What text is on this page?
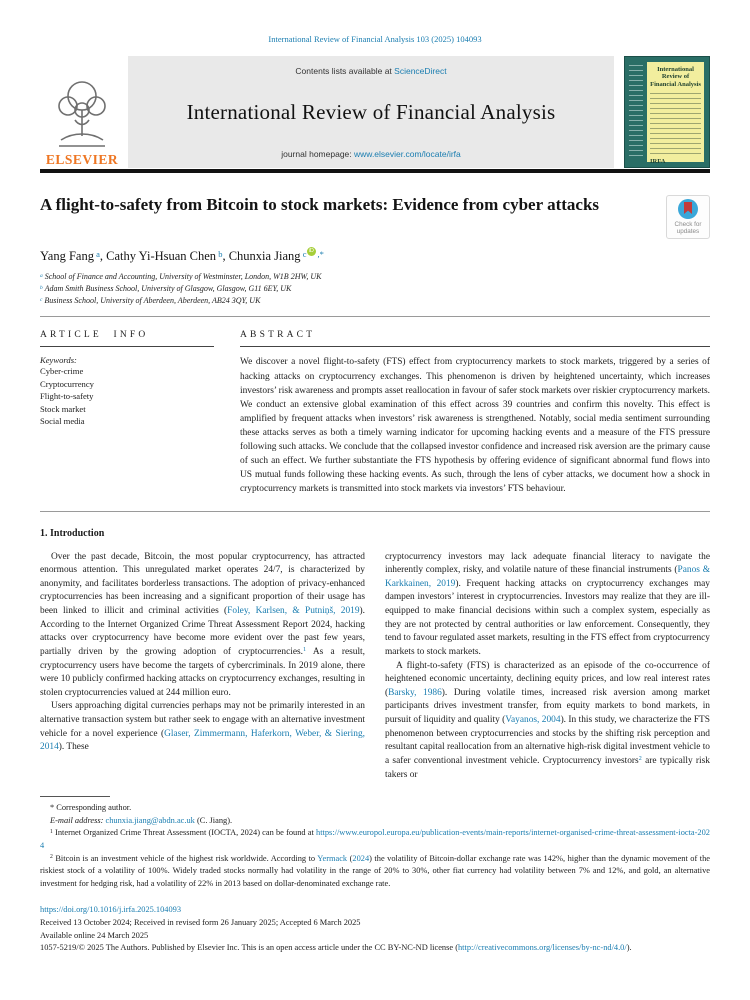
International Review of Financial Analysis 103 (2025) 104093
ELSEVIER
Contents lists available at ScienceDirect
International Review of Financial Analysis
journal homepage: www.elsevier.com/locate/irfa
International Review of Financial Analysis
IRFA
A flight-to-safety from Bitcoin to stock markets: Evidence from cyber attacks
Check for updates
Yang Fang $^a$, Cathy Yi-Hsuan Chen $^b$, Chunxia Jiang $^c$ iD ,*
$^a$ School of Finance and Accounting, University of Westminster, London, W1B 2HW, UK
$^b$ Adam Smith Business School, University of Glasgow, Glasgow, G11 6EY, UK
$^c$ Business School, University of Aberdeen, Aberdeen, AB24 3QY, UK
ARTICLE INFO
Keywords:
Cyber-crime
Cryptocurrency
Flight-to-safety
Stock market
Social media
ABSTRACT
We discover a novel flight-to-safety (FTS) effect from cryptocurrency markets to stock markets, triggered by a series of hacking attacks on cryptocurrency exchanges. This phenomenon is driven by heightened uncertainty, which increases investors’ risk awareness and prompts asset reallocation in favour of safer stock markets over riskier cryptocurrency markets. We conduct an extensive global examination of this effect across 39 countries and confirm this novelty. This effect is amplified by frequent attacks when investors’ risk awareness is strengthened. Notably, social media sentiment surrounding these attacks serves as both a timely warning indicator for upcoming hacking events and a measure of the FTS pressure following such attacks. We conclude that the collapsed investor confidence and increased risk aversion are the primary cause of such an effect. We further substantiate the FTS hypothesis by offering evidence of significant abnormal fund flows into US mutual funds following these hacking events. As such, through the lens of cyber attacks, we document how a shock in cryptocurrency markets is transmitted into stock markets via investors’ FTS behaviour.
1. Introduction

Over the past decade, Bitcoin, the most popular cryptocurrency, has attracted enormous attention. This unregulated market operates 24/7, is characterized by anonymity, and facilitates borderless transactions. The adoption of privacy-enhanced cryptocurrencies has been increasing and a significant proportion of their usage has been linked to illicit and criminal activities (Foley, Karlsen, & Putniņš, 2019). According to the Internet Organized Crime Threat Assessment Report 2024, hacking attacks over cryptocurrency have become more evident over the past few years, partially driven by the growing adoption of cryptocurrencies.$^1$ As a result, cryptocurrency users have become the targets of cybercriminals. In 2019 alone, there were 10 publicly confirmed hacking attacks on cryptocurrency exchanges, resulting in stolen cryptocurrencies valued at 244 million euro.

Users approaching digital currencies perhaps may not be primarily interested in an alternative transaction system but rather seek to engage with an alternative investment vehicle for a novel experience (Glaser, Zimmermann, Haferkorn, Weber, & Siering, 2014). These

cryptocurrency investors may lack adequate financial literacy to navigate the inherently complex, risky, and volatile nature of these financial instruments (Panos & Karkkainen, 2019). Frequent hacking attacks on cryptocurrency exchanges may dampen investors’ interest in cryptocurrencies. Investors may realize that they are ill-equipped to make financial decisions within such a complex system, especially as they are not protected by central authorities or law enforcement. Consequently, they tend to favour regulated asset markets, resulting in the FTS effect from cryptocurrency markets to stock markets.

A flight-to-safety (FTS) is characterized as an episode of the co-occurrence of heightened economic uncertainty, declining equity prices, and low real interest rates (Barsky, 1986). During volatile times, increased risk aversion among market participants drives investment transfer, from equity markets to bond markets, in pursuit of liquidity and quality (Vayanos, 2004). In this study, we characterize the FTS phenomenon between cryptocurrencies and stocks by the shifting risk perception and resultant capital reallocation from an alternative high-risk digital investment vehicle to a safer conventional investment vehicle. Cryptocurrency investors$^2$ are typically risk takers or

* Corresponding author.

E-mail address: chunxia.jiang@abdn.ac.uk (C. Jiang).

$^1$ Internet Organized Crime Threat Assessment (IOCTA, 2024) can be found at https://www.europol.europa.eu/publication-events/main-reports/internet-organised-crime-threat-assessment-iocta-2024

$^2$ Bitcoin is an investment vehicle of the highest risk worldwide. According to Yermack (2024) the volatility of Bitcoin-dollar exchange rate was 142%, higher than the dynamic movement of the riskiest stock of a volatility of 100%. Widely traded stocks normally had volatility in the range of 20% to 30%, other fiat currency had volatility between 7% and 12%, and gold, an alternative investment for hedging risk, had a volatility of 22% in 2013 based on dollar-denominated exchange rate.

https://doi.org/10.1016/j.irfa.2025.104093
Received 13 October 2024; Received in revised form 26 January 2025; Accepted 6 March 2025
Available online 24 March 2025
1057-5219/© 2025 The Authors. Published by Elsevier Inc. This is an open access article under the CC BY-NC-ND license (http://creativecommons.org/licenses/by-nc-nd/4.0/).
